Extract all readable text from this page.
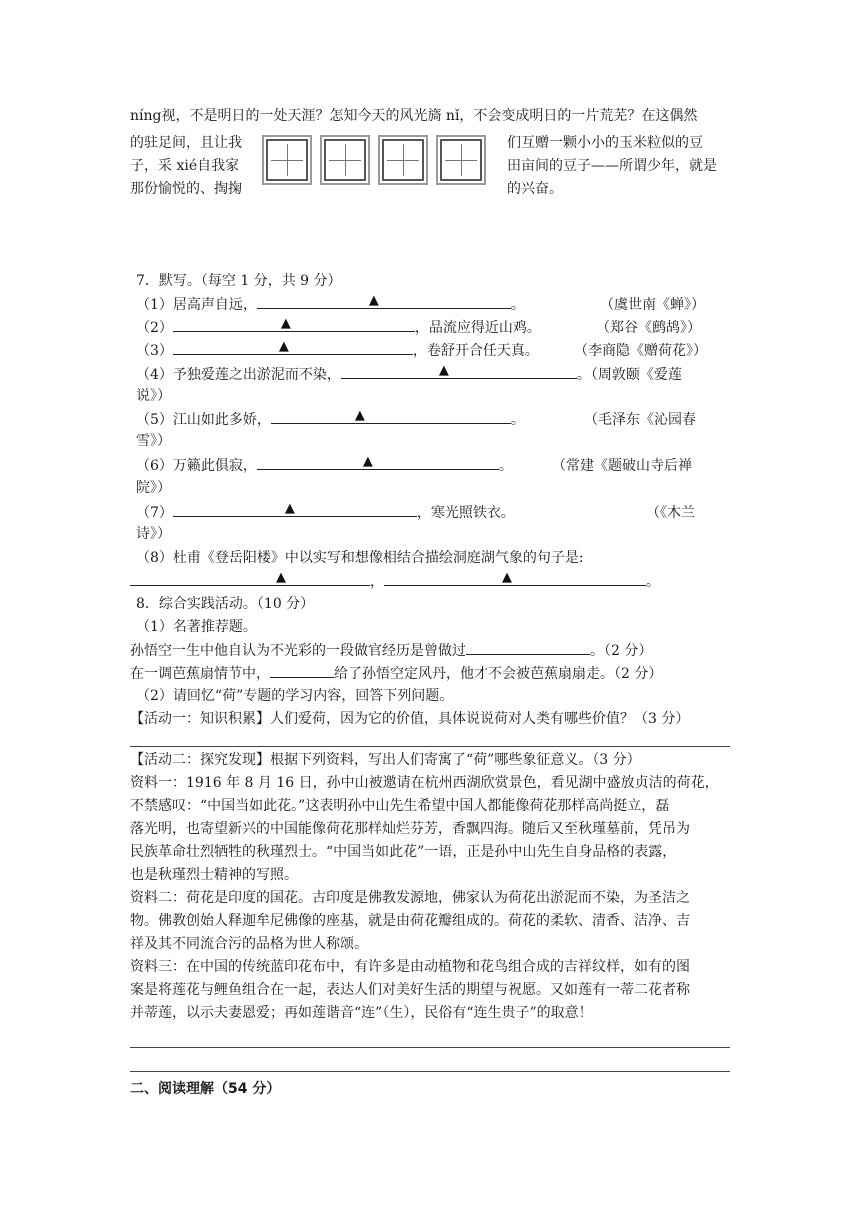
níng视，不是明日的一处天涯？怎知今天的风光旖 nǐ，不会变成明日的一片荒芜？在这偶然
的驻足间，且让我	们互赠一颗小小的玉米粒似的豆
子，采 xié自我家	田亩间的豆子——所谓少年，就是
那份愉悦的、掏掬	的兴奋。
7．默写。（每空 1 分，共 9 分）
（1）居高声自远，	▲	。	（虞世南《蝉》）
（2）	▲	，品流应得近山鸡。	（郑谷《鹧鸪》）
（3）	▲	，卷舒开合任天真。	（李商隐《赠荷花》）
（4）予独爱莲之出淤泥而不染，	▲	。（周敦颐《爱莲
说》）
（5）江山如此多娇，	▲	。	（毛泽东《沁园春
雪》）
（6）万籁此俱寂，	▲	。	（常建《题破山寺后禅
院》）
（7）	▲	，寒光照铁衣。	（《木兰
诗》）
（8）杜甫《登岳阳楼》中以实写和想像相结合描绘洞庭湖气象的句子是:
▲	，	▲	。
8．综合实践活动。（10 分）
（1）名著推荐题。
孙悟空一生中他自认为不光彩的一段做官经历是曾做过	。（2 分）
在一调芭蕉扇情节中，	给了孙悟空定风丹，他才不会被芭蕉扇扇走。（2 分）
（2）请回忆“荷”专题的学习内容，回答下列问题。
【活动一：知识积累】人们爱荷，因为它的价值，具体说说荷对人类有哪些价值？（3 分）
【活动二：探究发现】根据下列资料，写出人们寄寓了“荷”哪些象征意义。（3 分）
资料一：1916 年 8 月 16 日，孙中山被邀请在杭州西湖欣赏景色，看见湖中盛放贞洁的荷花，
不禁感叹：“中国当如此花。”这表明孙中山先生希望中国人都能像荷花那样高尚挺立，磊
落光明，也寄望新兴的中国能像荷花那样灿烂芬芳，香飘四海。随后又至秋瑾墓前，凭吊为
民族革命壮烈牺牲的秋瑾烈士。“中国当如此花”一语，正是孙中山先生自身品格的表露，
也是秋瑾烈士精神的写照。
资料二：荷花是印度的国花。古印度是佛教发源地，佛家认为荷花出淤泥而不染，为圣洁之
物。佛教创始人释迦牟尼佛像的座基，就是由荷花瓣组成的。荷花的柔软、清香、洁净、吉
祥及其不同流合污的品格为世人称颂。
资料三：在中国的传统蓝印花布中，有许多是由动植物和花鸟组合成的吉祥纹样，如有的图
案是将莲花与鲤鱼组合在一起，表达人们对美好生活的期望与祝愿。又如莲有一蒂二花者称
并蒂莲，以示夫妻恩爱；再如莲谐音“连”（生），民俗有“连生贵子”的取意！
二、阅读理解（54 分）
